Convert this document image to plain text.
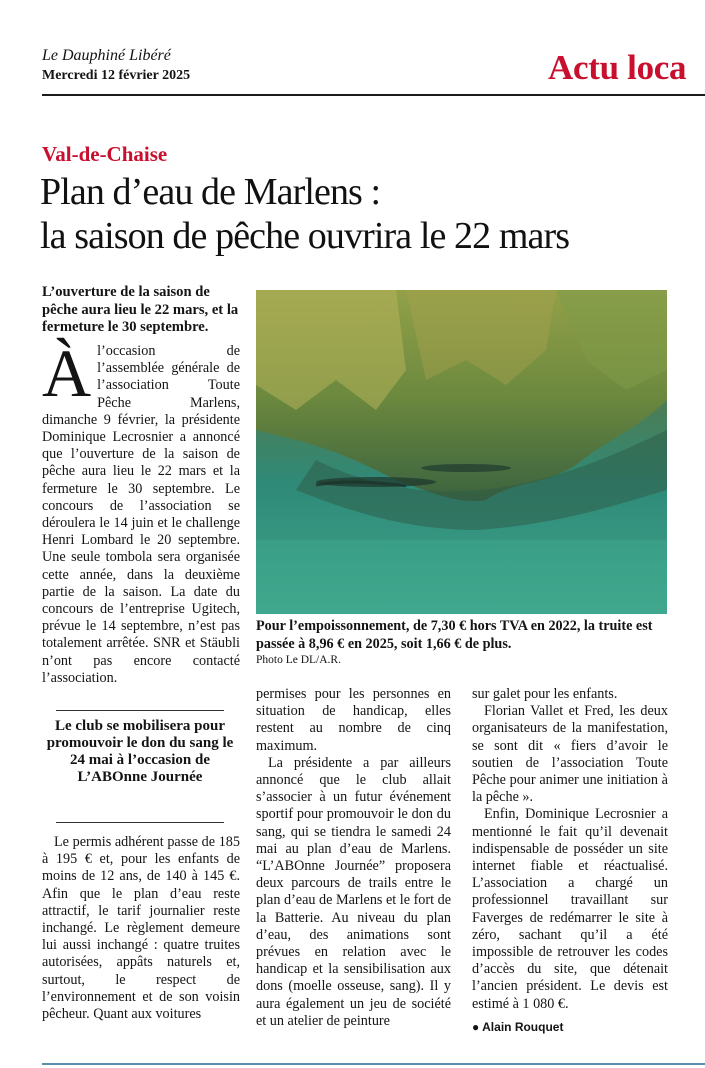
Le Dauphiné Libéré
Mercredi 12 février 2025	Actu loca
Val-de-Chaise
Plan d’eau de Marlens :
la saison de pêche ouvrira le 22 mars
L’ouverture de la saison de pêche aura lieu le 22 mars, et la fermeture le 30 septembre.

À l’occasion de l’assemblée générale de l’association Toute Pêche Marlens, dimanche 9 février, la présidente Dominique Lecrosnier a annoncé que l’ouverture de la saison de pêche aura lieu le 22 mars et la fermeture le 30 septembre. Le concours de l’association se déroulera le 14 juin et le challenge Henri Lombard le 20 septembre. Une seule tombola sera organisée cette année, dans la deuxième partie de la saison. La date du concours de l’entreprise Ugitech, prévue le 14 septembre, n’est pas totalement arrêtée. SNR et Stäubli n’ont pas encore contacté l’association.

Pour l’empoissonnement, de 7,30 € hors TVA en 2022, la truite est passée à 8,96 € en 2025, soit 1,66 € de plus.
Photo Le DL/A.R.
Le club se mobilisera pour promouvoir le don du sang le 24 mai à l’occasion de L’ABOnne Journée

Le permis adhérent passe de 185 à 195 € et, pour les enfants de moins de 12 ans, de 140 à 145 €. Afin que le plan d’eau reste attractif, le tarif journalier reste inchangé. Le règlement demeure lui aussi inchangé : quatre truites autorisées, appâts naturels et, surtout, le respect de l’environnement et de son voisin pêcheur. Quant aux voitures

permises pour les personnes en situation de handicap, elles restent au nombre de cinq maximum.

La présidente a par ailleurs annoncé que le club allait s’associer à un futur événement sportif pour promouvoir le don du sang, qui se tiendra le samedi 24 mai au plan d’eau de Marlens. “L’ABOnne Journée” proposera deux parcours de trails entre le plan d’eau de Marlens et le fort de la Batterie. Au niveau du plan d’eau, des animations sont prévues en relation avec le handicap et la sensibilisation aux dons (moelle osseuse, sang). Il y aura également un jeu de société et un atelier de peinture

sur galet pour les enfants.

Florian Vallet et Fred, les deux organisateurs de la manifestation, se sont dit « fiers d’avoir le soutien de l’association Toute Pêche pour animer une initiation à la pêche ».

Enfin, Dominique Lecrosnier a mentionné le fait qu’il devenait indispensable de posséder un site internet fiable et réactualisé. L’association a chargé un professionnel travaillant sur Faverges de redémarrer le site à zéro, sachant qu’il a été impossible de retrouver les codes d’accès du site, que détenait l’ancien président. Le devis est estimé à 1 080 €.

● Alain Rouquet
